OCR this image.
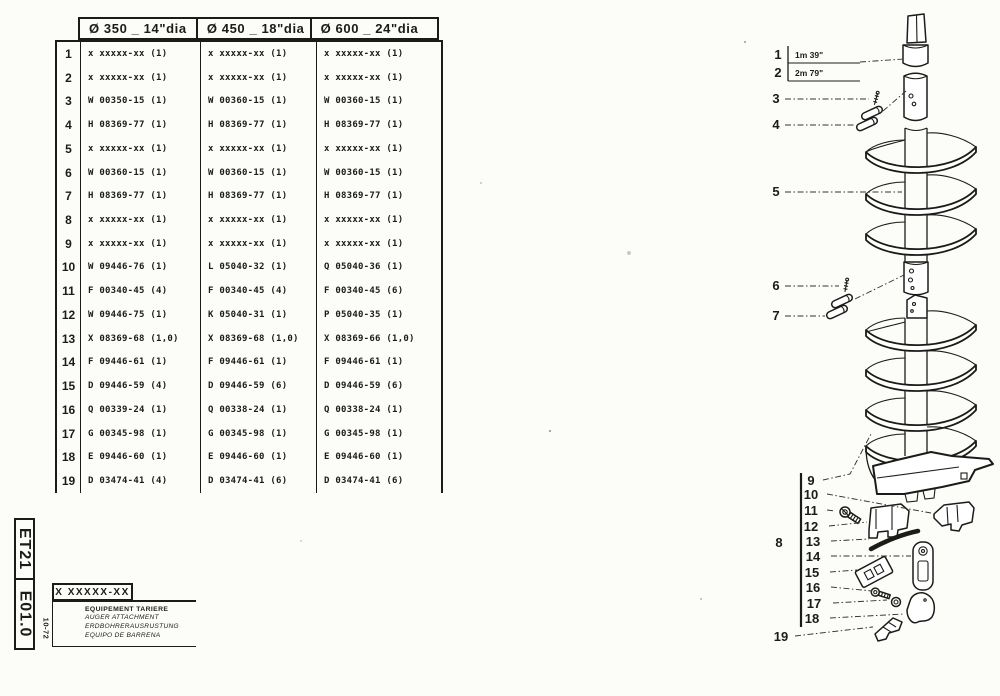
Ø 350 _ 14"dia	Ø 450 _ 18"dia	Ø 600 _ 24"dia
1	x xxxxx-xx (1)	x xxxxx-xx (1)	x xxxxx-xx (1)
2	x xxxxx-xx (1)	x xxxxx-xx (1)	x xxxxx-xx (1)
3	W 00350-15 (1)	W 00360-15 (1)	W 00360-15 (1)
4	H 08369-77 (1)	H 08369-77 (1)	H 08369-77 (1)
5	x xxxxx-xx (1)	x xxxxx-xx (1)	x xxxxx-xx (1)
6	W 00360-15 (1)	W 00360-15 (1)	W 00360-15 (1)
7	H 08369-77 (1)	H 08369-77 (1)	H 08369-77 (1)
8	x xxxxx-xx (1)	x xxxxx-xx (1)	x xxxxx-xx (1)
9	x xxxxx-xx (1)	x xxxxx-xx (1)	x xxxxx-xx (1)
10	W 09446-76 (1)	L 05040-32 (1)	Q 05040-36 (1)
11	F 00340-45 (4)	F 00340-45 (4)	F 00340-45 (6)
12	W 09446-75 (1)	K 05040-31 (1)	P 05040-35 (1)
13	X 08369-68 (1,0)	X 08369-68 (1,0)	X 08369-66 (1,0)
14	F 09446-61 (1)	F 09446-61 (1)	F 09446-61 (1)
15	D 09446-59 (4)	D 09446-59 (6)	D 09446-59 (6)
16	Q 00339-24 (1)	Q 00338-24 (1)	Q 00338-24 (1)
17	G 00345-98 (1)	G 00345-98 (1)	G 00345-98 (1)
18	E 09446-60 (1)	E 09446-60 (1)	E 09446-60 (1)
19	D 03474-41 (4)	D 03474-41 (6)	D 03474-41 (6)
ET21
E01.0 10-72
X XXXXX-XX
EQUIPEMENT TARIERE
AUGER ATTACHMENT
ERDBOHRERAUSRUSTUNG
EQUIPO DE BARRENA
1
2
1m 39"
2m 79"
3
4
5
6
7
8
9
10
11
12
13
14
15
16
17
18
19
